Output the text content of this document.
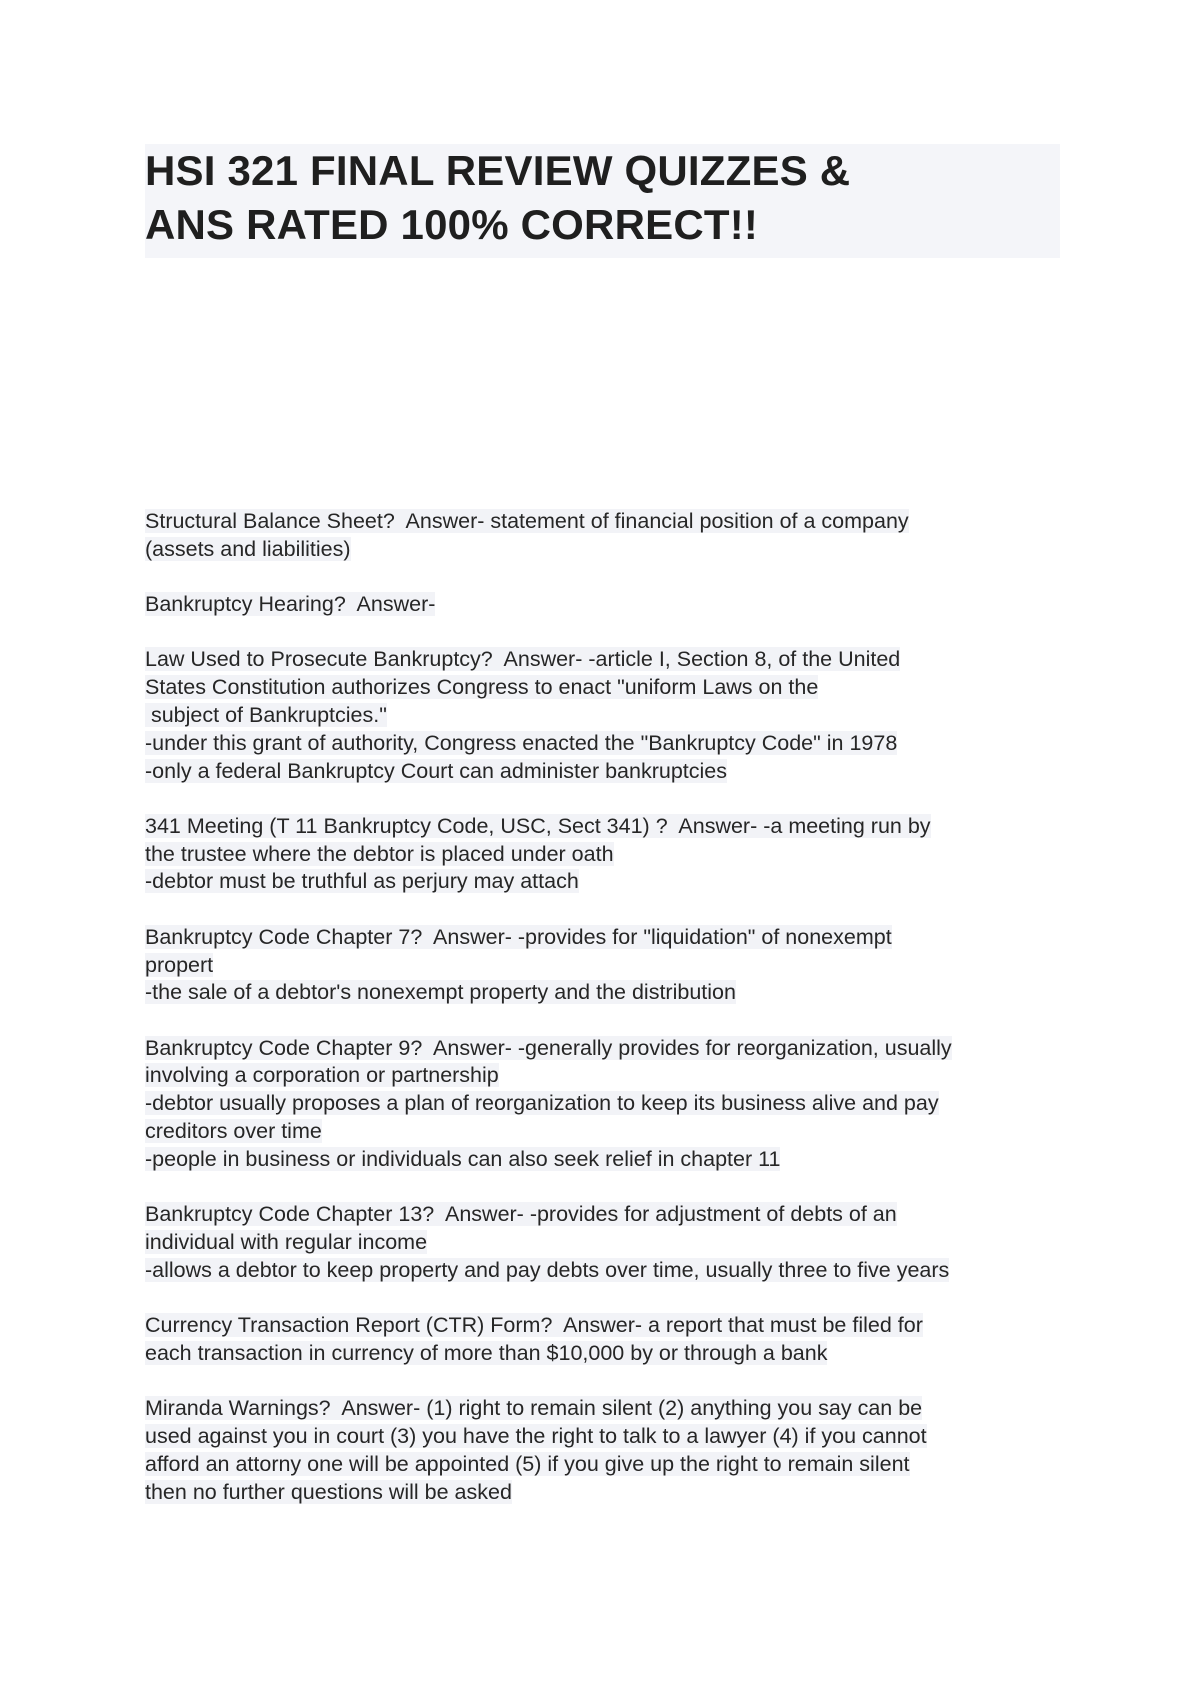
HSI 321 FINAL REVIEW QUIZZES &
ANS RATED 100% CORRECT!!
Structural Balance Sheet?  Answer- statement of financial position of a company
(assets and liabilities)
Bankruptcy Hearing?  Answer-
Law Used to Prosecute Bankruptcy?  Answer- -article I, Section 8, of the United
States Constitution authorizes Congress to enact "uniform Laws on the
subject of Bankruptcies."
-under this grant of authority, Congress enacted the "Bankruptcy Code" in 1978
-only a federal Bankruptcy Court can administer bankruptcies
341 Meeting (T 11 Bankruptcy Code, USC, Sect 341) ?  Answer- -a meeting run by
the trustee where the debtor is placed under oath
-debtor must be truthful as perjury may attach
Bankruptcy Code Chapter 7?  Answer- -provides for "liquidation" of nonexempt
propert
-the sale of a debtor's nonexempt property and the distribution
Bankruptcy Code Chapter 9?  Answer- -generally provides for reorganization, usually
involving a corporation or partnership
-debtor usually proposes a plan of reorganization to keep its business alive and pay
creditors over time
-people in business or individuals can also seek relief in chapter 11
Bankruptcy Code Chapter 13?  Answer- -provides for adjustment of debts of an
individual with regular income
-allows a debtor to keep property and pay debts over time, usually three to five years
Currency Transaction Report (CTR) Form?  Answer- a report that must be filed for
each transaction in currency of more than $10,000 by or through a bank
Miranda Warnings?  Answer- (1) right to remain silent (2) anything you say can be
used against you in court (3) you have the right to talk to a lawyer (4) if you cannot
afford an attorny one will be appointed (5) if you give up the right to remain silent
then no further questions will be asked
